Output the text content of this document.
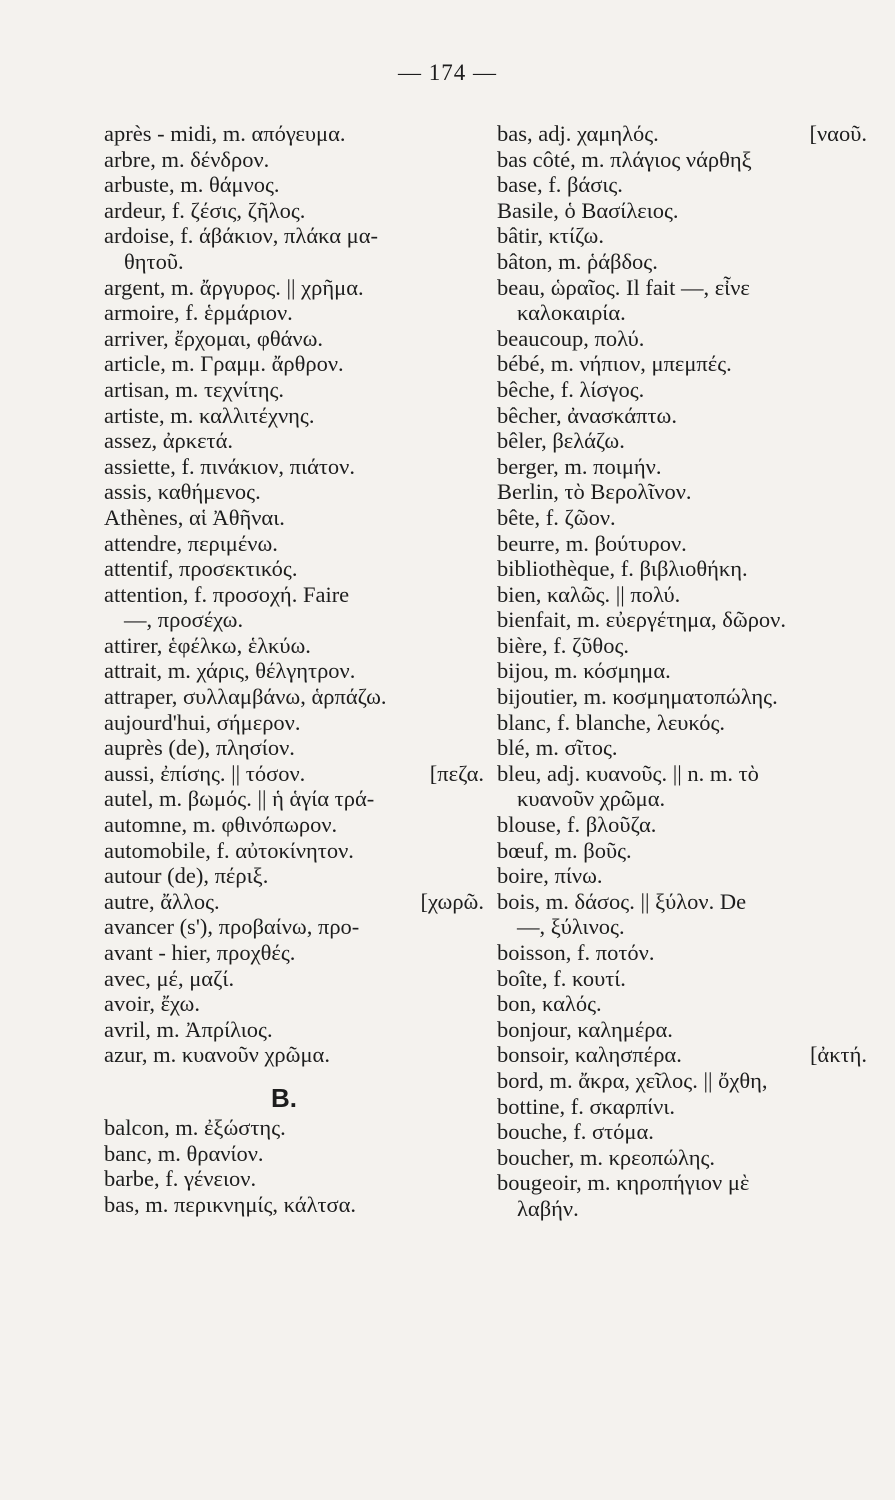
— 174 —
après - midi, m. απόγευμα.
arbre, m. δένδρον.
arbuste, m. θάμνος.
ardeur, f. ζέσις, ζῆλος.
ardoise, f. άβάκιον, πλάκα μα-
θητοῦ.
argent, m. ἄργυρος. || χρῆμα.
armoire, f. ἑρμάριον.
arriver, ἔρχομαι, φθάνω.
article, m. Γραμμ. ἄρθρον.
artisan, m. τεχνίτης.
artiste, m. καλλιτέχνης.
assez, ἀρκετά.
assiette, f. πινάκιον, πιάτον.
assis, καθήμενος.
Athènes, αἱ Ἀθῆναι.
attendre, περιμένω.
attentif, προσεκτικός.
attention, f. προσοχή. Faire
—, προσέχω.
attirer, ἑφέλκω, ἑλκύω.
attrait, m. χάρις, θέλγητρον.
attraper, συλλαμβάνω, ἁρπάζω.
aujourd'hui, σήμερον.
auprès (de), πλησίον.
aussi, ἐπίσης. || τόσον.	[πεζα.
autel, m. βωμός. || ἡ ἁγία τρά-
automne, m. φθινόπωρον.
automobile, f. αὐτοκίνητον.
autour (de), πέριξ.
autre, ἄλλος.	[χωρῶ.
avancer (s'), προβαίνω, προ-
avant - hier, προχθές.
avec, μέ, μαζί.
avoir, ἔχω.
avril, m. Ἀπρίλιος.
azur, m. κυανοῦν χρῶμα.
B.
balcon, m. ἐξώστης.
banc, m. θρανίον.
barbe, f. γένειον.
bas, m. περικνημίς, κάλτσα.
bas, adj. χαμηλός.	[ναοῦ.
bas côté, m. πλάγιος νάρθηξ
base, f. βάσις.
Basile, ὁ Βασίλειος.
bâtir, κτίζω.
bâton, m. ῥάβδος.
beau, ὡραῖος. Il fait —, εἶνε
καλοκαιρία.
beaucoup, πολύ.
bébé, m. νήπιον, μπεμπές.
bêche, f. λίσγος.
bêcher, ἀνασκάπτω.
bêler, βελάζω.
berger, m. ποιμήν.
Berlin, τὸ Βερολῖνον.
bête, f. ζῶον.
beurre, m. βούτυρον.
bibliothèque, f. βιβλιοθήκη.
bien, καλῶς. || πολύ.
bienfait, m. εὐεργέτημα, δῶρον.
bière, f. ζῦθος.
bijou, m. κόσμημα.
bijoutier, m. κοσμηματοπώλης.
blanc, f. blanche, λευκός.
blé, m. σῖτος.
bleu, adj. κυανοῦς. || n. m. τὸ
κυανοῦν χρῶμα.
blouse, f. βλοῦζα.
bœuf, m. βοῦς.
boire, πίνω.
bois, m. δάσος. || ξύλον. De
—, ξύλινος.
boisson, f. ποτόν.
boîte, f. κουτί.
bon, καλός.
bonjour, καλημέρα.
bonsoir, καλησπέρα.	[ἀκτή.
bord, m. ἄκρα, χεῖλος. || ὄχθη,
bottine, f. σκαρπίνι.
bouche, f. στόμα.
boucher, m. κρεοπώλης.
bougeoir, m. κηροπήγιον μὲ
λαβήν.
